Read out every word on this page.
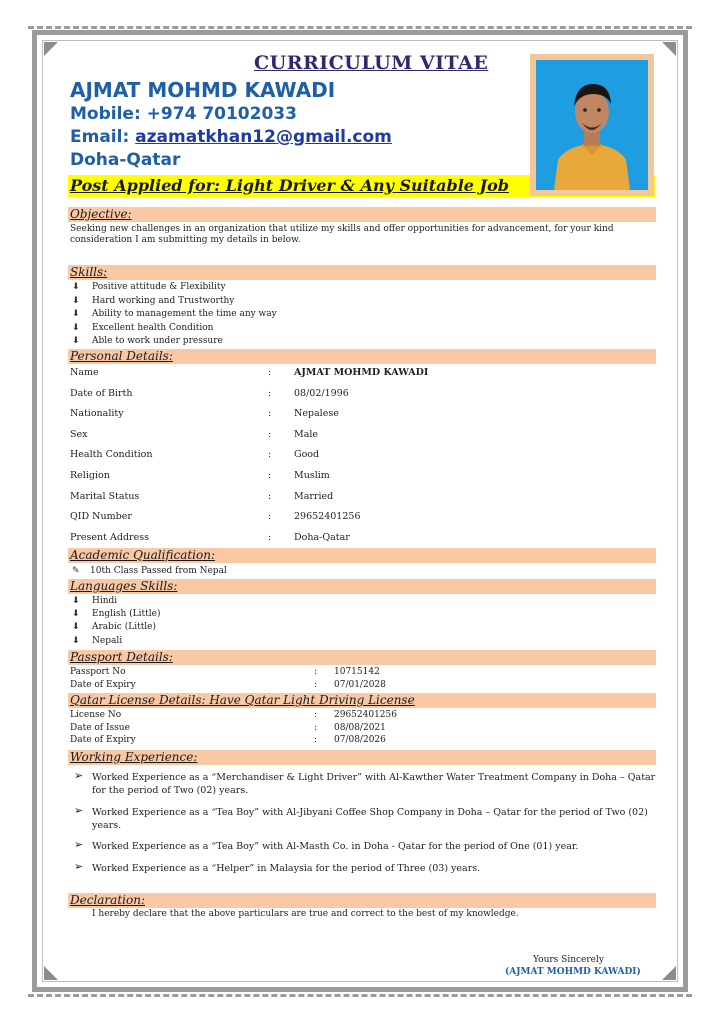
CURRICULUM VITAE
AJMAT MOHMD KAWADI
Mobile: +974 70102033
Email: azamatkhan12@gmail.com
Doha-Qatar
Post Applied for: Light Driver & Any Suitable Job
Objective:
Seeking new challenges in an organization that utilize my skills and offer opportunities for advancement, for your kind consideration I am submitting my details in below.
Skills:
⬇ Positive attitude & Flexibility
⬇ Hard working and Trustworthy
⬇ Ability to management the time any way
⬇ Excellent health Condition
⬇ Able to work under pressure
Personal Details:
Name	: AJMAT MOHMD KAWADI
Date of Birth	: 08/02/1996
Nationality	: Nepalese
Sex	: Male
Health Condition	: Good
Religion	: Muslim
Marital Status	: Married
QID Number	: 29652401256
Present Address	: Doha-Qatar
Academic Qualification:
✎ 10th Class Passed from Nepal
Languages Skills:
⬇ Hindi
⬇ English (Little)
⬇ Arabic (Little)
⬇ Nepali
Passport Details:
Passport No	: 10715142
Date of Expiry	: 07/01/2028
Qatar License Details: Have Qatar Light Driving License
License No	: 29652401256
Date of Issue	: 08/08/2021
Date of Expiry	: 07/08/2026
Working Experience:
➢ Worked Experience as a “Merchandiser & Light Driver” with Al-Kawther Water Treatment Company in Doha – Qatar for the period of Two (02) years.
➢ Worked Experience as a “Tea Boy” with Al-Jibyani Coffee Shop Company in Doha – Qatar for the period of Two (02) years.
➢ Worked Experience as a “Tea Boy” with Al-Masth Co. in Doha - Qatar for the period of One (01) year.
➢ Worked Experience as a “Helper” in Malaysia for the period of Three (03) years.
Declaration:
I hereby declare that the above particulars are true and correct to the best of my knowledge.
Yours Sincerely
(AJMAT MOHMD KAWADI)
